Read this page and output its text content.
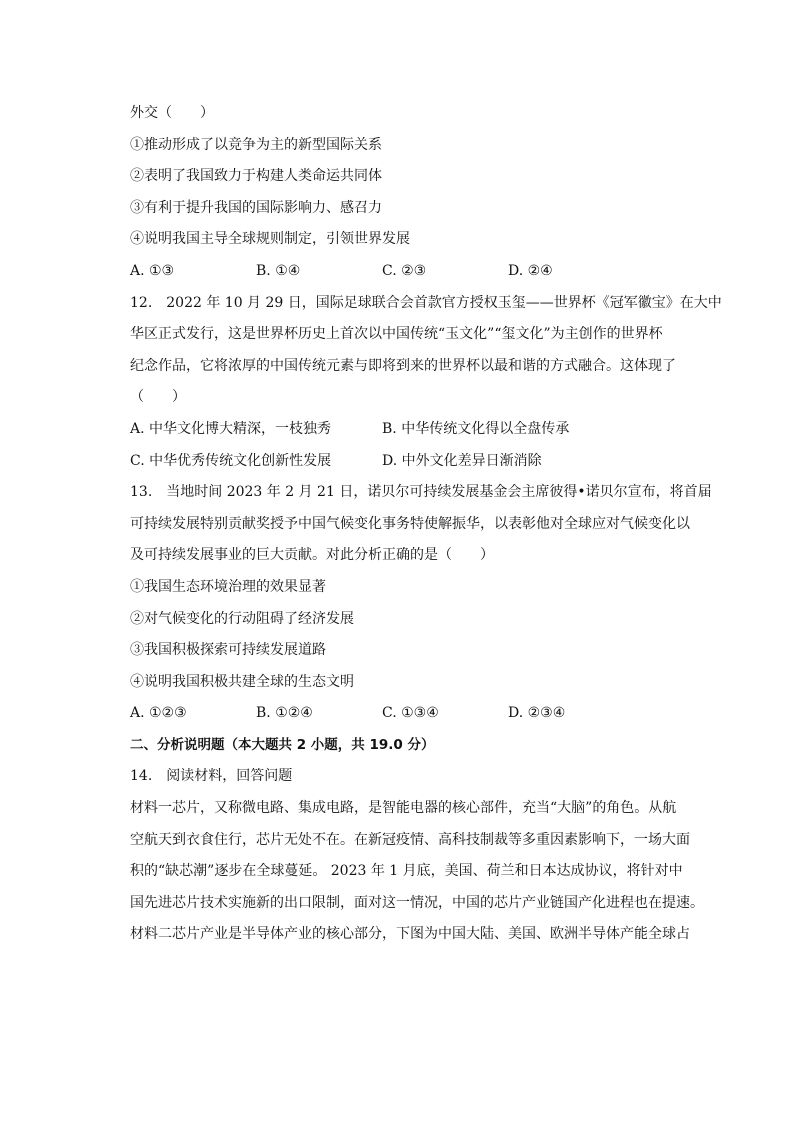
外交（　　）
①推动形成了以竞争为主的新型国际关系
②表明了我国致力于构建人类命运共同体
③有利于提升我国的国际影响力、感召力
④说明我国主导全球规则制定，引领世界发展
A. ①③	B. ①④	C. ②③	D. ②④
12. 2022 年 10 月 29 日，国际足球联合会首款官方授权玉玺——世界杯《冠军徽宝》在大中
华区正式发行，这是世界杯历史上首次以中国传统“玉文化”“玺文化”为主创作的世界杯
纪念作品，它将浓厚的中国传统元素与即将到来的世界杯以最和谐的方式融合。这体现了
（　　）
A. 中华文化博大精深，一枝独秀	B. 中华传统文化得以全盘传承
C. 中华优秀传统文化创新性发展	D. 中外文化差异日渐消除
13. 当地时间 2023 年 2 月 21 日，诺贝尔可持续发展基金会主席彼得•诺贝尔宣布，将首届
可持续发展特别贡献奖授予中国气候变化事务特使解振华，以表彰他对全球应对气候变化以
及可持续发展事业的巨大贡献。对此分析正确的是（　　）
①我国生态环境治理的效果显著
②对气候变化的行动阻碍了经济发展
③我国积极探索可持续发展道路
④说明我国积极共建全球的生态文明
A. ①②③	B. ①②④	C. ①③④	D. ②③④
二、分析说明题（本大题共 2 小题，共 19.0 分）
14. 阅读材料，回答问题
材料一芯片，又称微电路、集成电路，是智能电器的核心部件，充当“大脑”的角色。从航
空航天到衣食住行，芯片无处不在。在新冠疫情、高科技制裁等多重因素影响下，一场大面
积的“缺芯潮”逐步在全球蔓延。 2023 年 1 月底，美国、荷兰和日本达成协议，将针对中
国先进芯片技术实施新的出口限制，面对这一情况，中国的芯片产业链国产化进程也在提速。
材料二芯片产业是半导体产业的核心部分，下图为中国大陆、美国、欧洲半导体产能全球占
